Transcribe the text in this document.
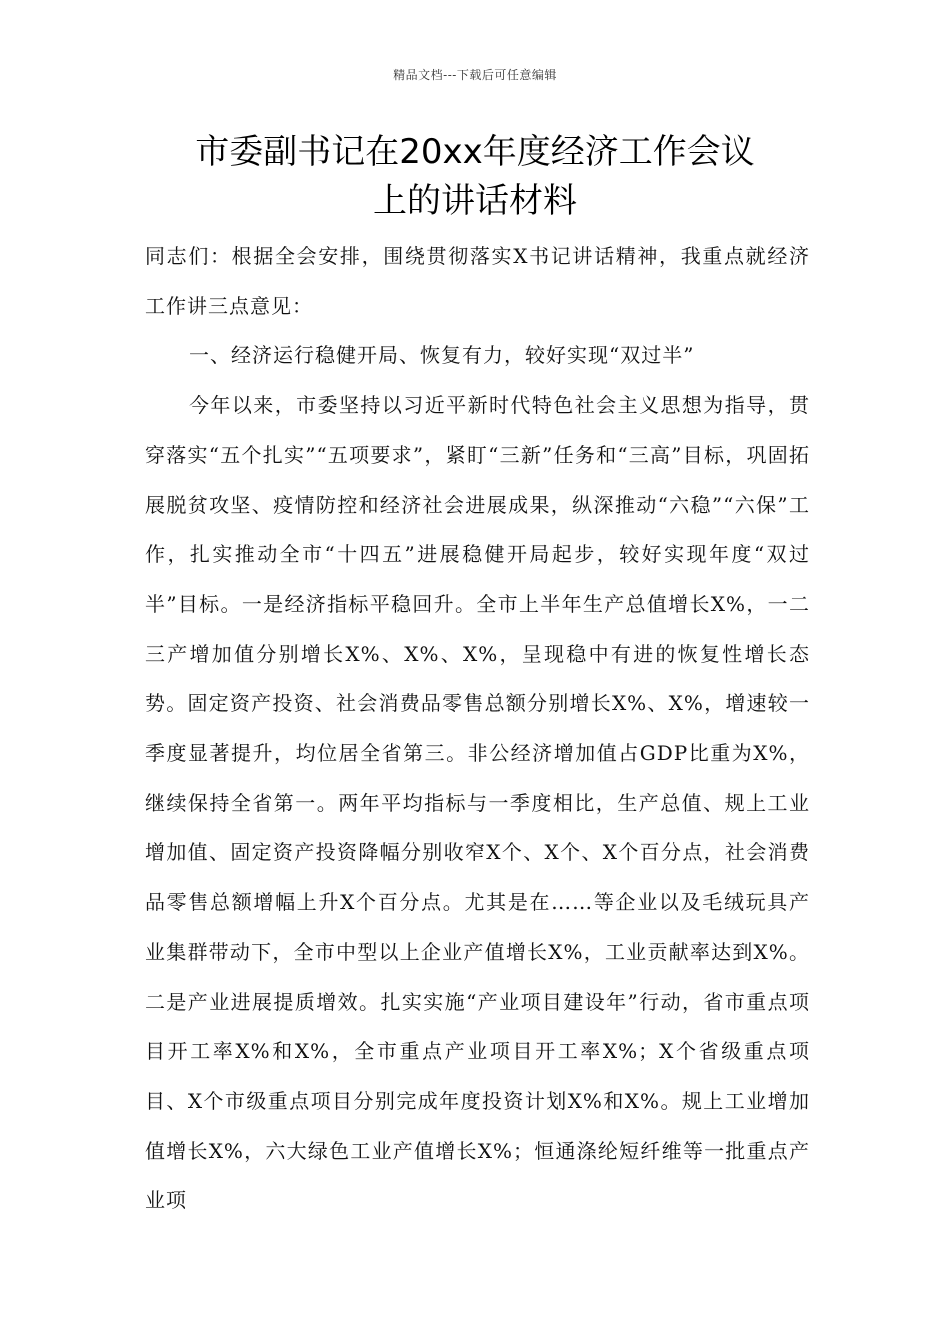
精品文档---下载后可任意编辑
市委副书记在20xx年度经济工作会议
上的讲话材料

同志们：根据全会安排，围绕贯彻落实X书记讲话精神，我重点就经济工作讲三点意见：

一、经济运行稳健开局、恢复有力，较好实现“双过半”

今年以来，市委坚持以习近平新时代特色社会主义思想为指导，贯穿落实“五个扎实”“五项要求”，紧盯“三新”任务和“三高”目标，巩固拓展脱贫攻坚、疫情防控和经济社会进展成果，纵深推动“六稳”“六保”工作，扎实推动全市“十四五”进展稳健开局起步，较好实现年度“双过半”目标。一是经济指标平稳回升。全市上半年生产总值增长X%，一二三产增加值分别增长X%、X%、X%，呈现稳中有进的恢复性增长态势。固定资产投资、社会消费品零售总额分别增长X%、X%，增速较一季度显著提升，均位居全省第三。非公经济增加值占GDP比重为X%，继续保持全省第一。两年平均指标与一季度相比，生产总值、规上工业增加值、固定资产投资降幅分别收窄X个、X个、X个百分点，社会消费品零售总额增幅上升X个百分点。尤其是在……等企业以及毛绒玩具产业集群带动下，全市中型以上企业产值增长X%，工业贡献率达到X%。二是产业进展提质增效。扎实实施“产业项目建设年”行动，省市重点项目开工率X%和X%，全市重点产业项目开工率X%；X个省级重点项目、X个市级重点项目分别完成年度投资计划X%和X%。规上工业增加值增长X%，六大绿色工业产值增长X%；恒通涤纶短纤维等一批重点产业项
